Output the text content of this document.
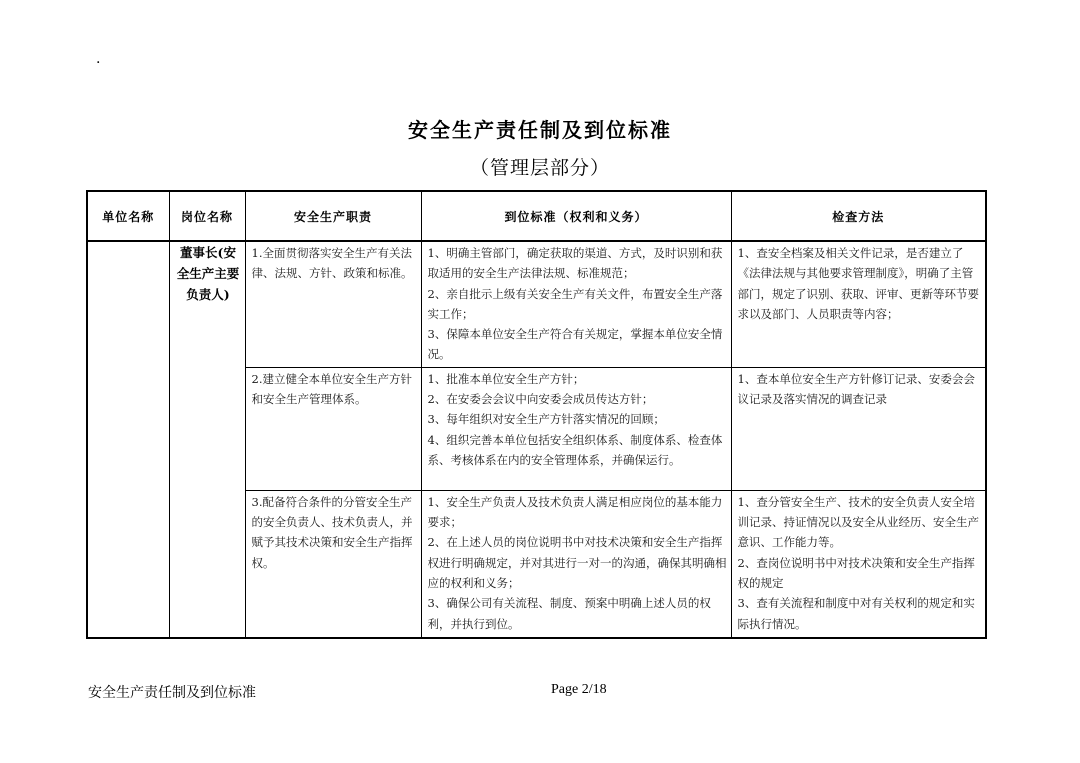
.
安全生产责任制及到位标准
（管理层部分）
单位名称	岗位名称	安全生产职责	到位标准（权利和义务）	检查方法
	董事长(安全生产主要负责人)	1.全面贯彻落实安全生产有关法律、法规、方针、政策和标准。	1、明确主管部门，确定获取的渠道、方式，及时识别和获取适用的安全生产法律法规、标准规范；
2、亲自批示上级有关安全生产有关文件，布置安全生产落实工作；
3、保障本单位安全生产符合有关规定，掌握本单位安全情况。	1、查安全档案及相关文件记录，是否建立了《法律法规与其他要求管理制度》，明确了主管部门，规定了识别、获取、评审、更新等环节要求以及部门、人员职责等内容；

		2.建立健全本单位安全生产方针和安全生产管理体系。	1、批准本单位安全生产方针；
2、在安委会会议中向安委会成员传达方针；
3、每年组织对安全生产方针落实情况的回顾；
4、组织完善本单位包括安全组织体系、制度体系、检查体系、考核体系在内的安全管理体系，并确保运行。	1、查本单位安全生产方针修订记录、安委会会议记录及落实情况的调查记录

		3.配备符合条件的分管安全生产的安全负责人、技术负责人，并赋予其技术决策和安全生产指挥权。	1、安全生产负责人及技术负责人满足相应岗位的基本能力要求；
2、在上述人员的岗位说明书中对技术决策和安全生产指挥权进行明确规定，并对其进行一对一的沟通，确保其明确相应的权利和义务；
3、确保公司有关流程、制度、预案中明确上述人员的权利，并执行到位。	1、查分管安全生产、技术的安全负责人安全培训记录、持证情况以及安全从业经历、安全生产意识、工作能力等。
2、查岗位说明书中对技术决策和安全生产指挥权的规定
3、查有关流程和制度中对有关权利的规定和实际执行情况。
安全生产责任制及到位标准	Page 2/18
